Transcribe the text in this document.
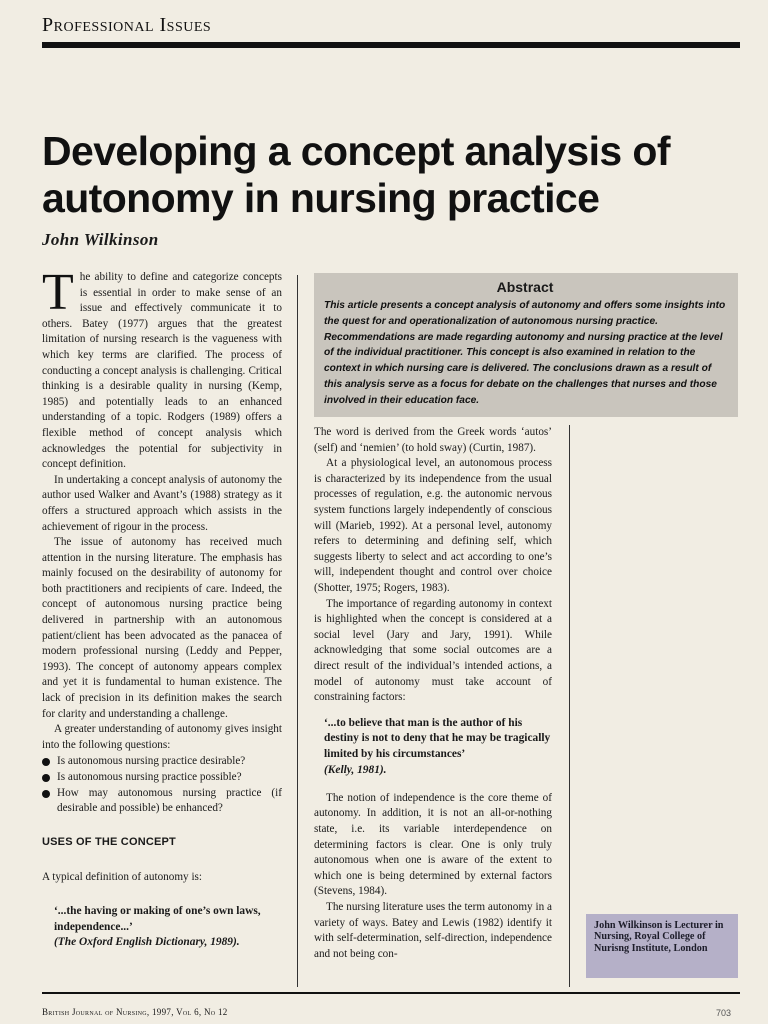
Professional Issues
Developing a concept analysis of autonomy in nursing practice
John Wilkinson

The ability to define and categorize concepts is essential in order to make sense of an issue and effectively communicate it to others. Batey (1977) argues that the greatest limitation of nursing research is the vagueness with which key terms are clarified. The process of conducting a concept analysis is challenging. Critical thinking is a desirable quality in nursing (Kemp, 1985) and potentially leads to an enhanced understanding of a topic. Rodgers (1989) offers a flexible method of concept analysis which acknowledges the potential for subjectivity in concept definition.

In undertaking a concept analysis of autonomy the author used Walker and Avant’s (1988) strategy as it offers a structured approach which assists in the achievement of rigour in the process.

The issue of autonomy has received much attention in the nursing literature. The emphasis has mainly focused on the desirability of autonomy for both practitioners and recipients of care. Indeed, the concept of autonomous nursing practice being delivered in partnership with an autonomous patient/client has been advocated as the panacea of modern professional nursing (Leddy and Pepper, 1993). The concept of autonomy appears complex and yet it is fundamental to human existence. The lack of precision in its definition makes the search for clarity and understanding a challenge.

A greater understanding of autonomy gives insight into the following questions:

Is autonomous nursing practice desirable?
Is autonomous nursing practice possible?
How may autonomous nursing practice (if desirable and possible) be enhanced?
USES OF THE CONCEPT
A typical definition of autonomy is:
‘...the having or making of one’s own laws, independence...’
(The Oxford English Dictionary, 1989).
Abstract

This article presents a concept analysis of autonomy and offers some insights into the quest for and operationalization of autonomous nursing practice. Recommendations are made regarding autonomy and nursing practice at the level of the individual practitioner. This concept is also examined in relation to the context in which nursing care is delivered. The conclusions drawn as a result of this analysis serve as a focus for debate on the challenges that nurses and those involved in their education face.

The word is derived from the Greek words ‘autos’ (self) and ‘nemien’ (to hold sway) (Curtin, 1987).

At a physiological level, an autonomous process is characterized by its independence from the usual processes of regulation, e.g. the autonomic nervous system functions largely independently of conscious will (Marieb, 1992). At a personal level, autonomy refers to determining and defining self, which suggests liberty to select and act according to one’s will, independent thought and control over choice (Shotter, 1975; Rogers, 1983).

The importance of regarding autonomy in context is highlighted when the concept is considered at a social level (Jary and Jary, 1991). While acknowledging that some social outcomes are a direct result of the individual’s intended actions, a model of autonomy must take account of constraining factors:

‘...to believe that man is the author of his destiny is not to deny that he may be tragically limited by his circumstances’
(Kelly, 1981).

The notion of independence is the core theme of autonomy. In addition, it is not an all-or-nothing state, i.e. its variable interdependence on determining factors is clear. One is only truly autonomous when one is aware of the extent to which one is being determined by external factors (Stevens, 1984).

The nursing literature uses the term autonomy in a variety of ways. Batey and Lewis (1982) identify it with self-determination, self-direction, independence and not being con-

John Wilkinson is Lecturer in Nursing, Royal College of Nurisng Institute, London
British Journal of Nursing, 1997, Vol 6, No 12	703
